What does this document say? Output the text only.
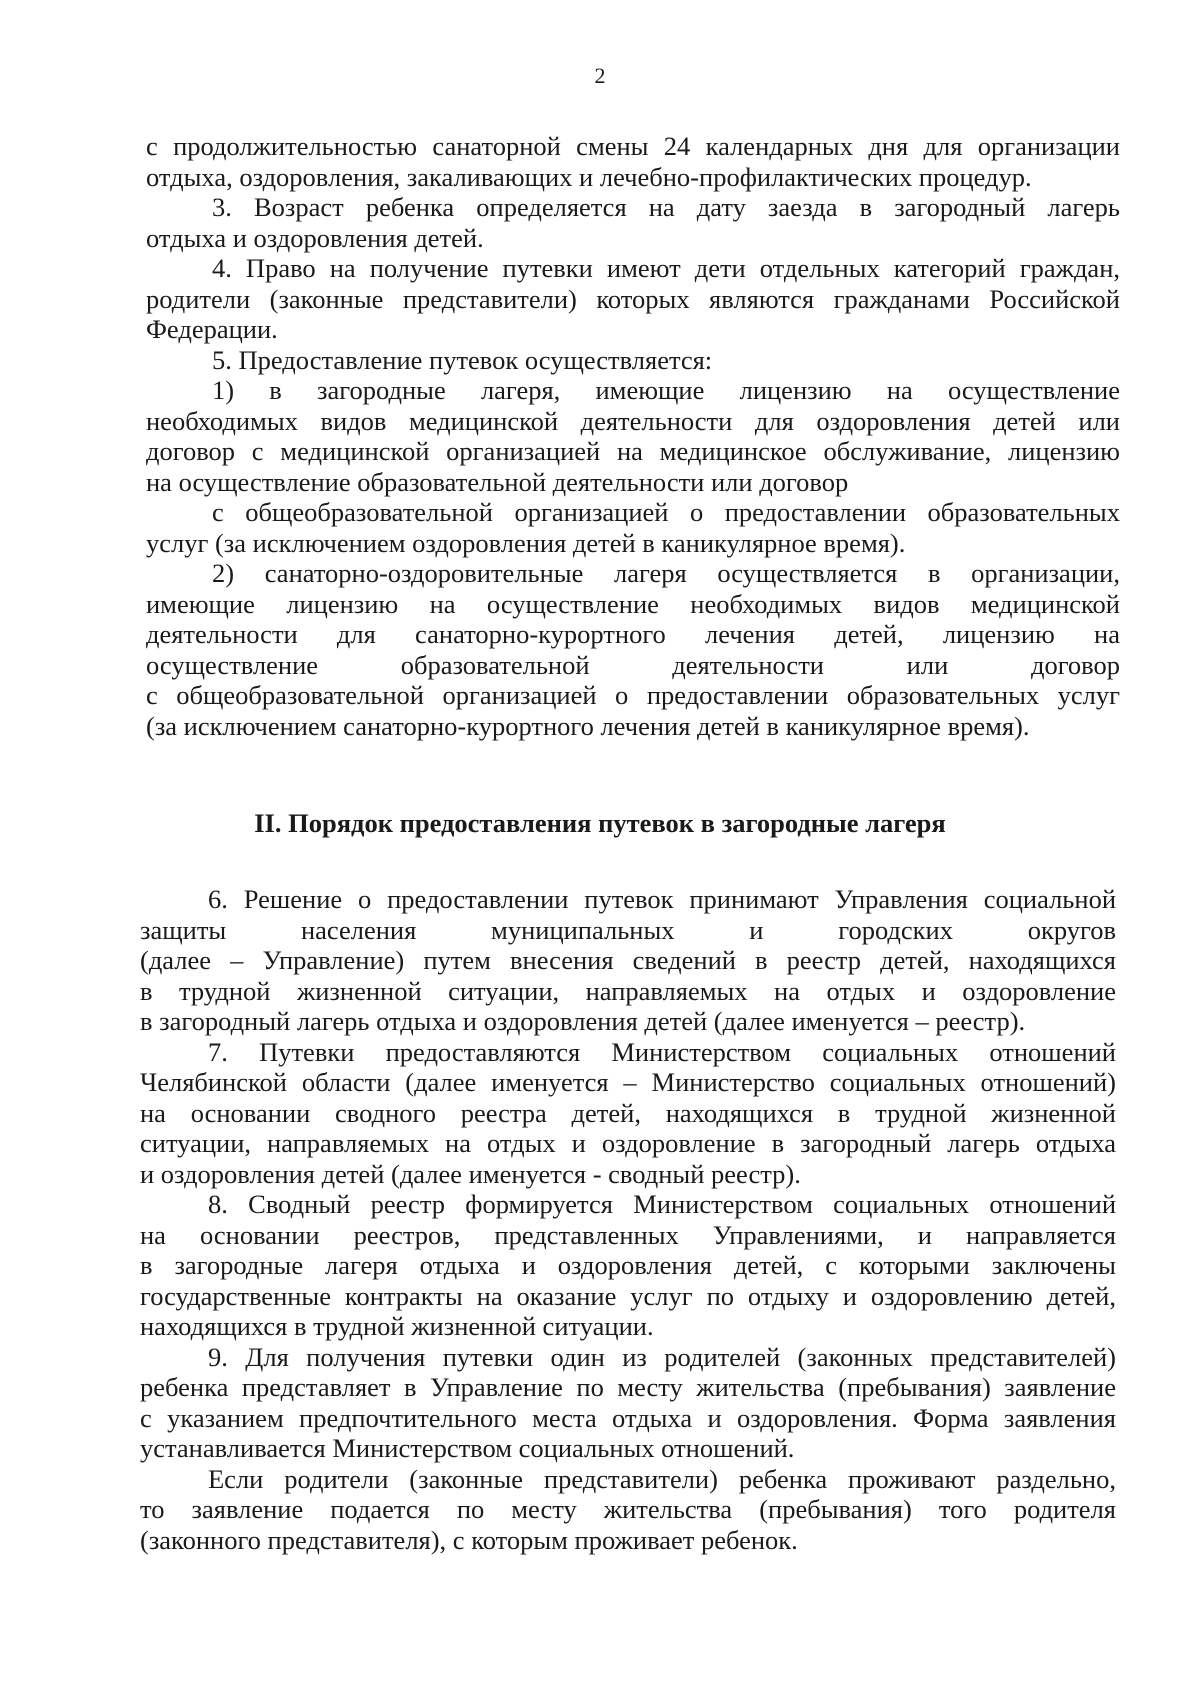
2
с продолжительностью санаторной смены 24 календарных дня для организации
отдыха, оздоровления, закаливающих и лечебно-профилактических процедур.
3. Возраст ребенка определяется на дату заезда в загородный лагерь
отдыха и оздоровления детей.
4. Право на получение путевки имеют дети отдельных категорий граждан,
родители (законные представители) которых являются гражданами Российской
Федерации.
5. Предоставление путевок осуществляется:
1) в загородные лагеря, имеющие лицензию на осуществление
необходимых видов медицинской деятельности для оздоровления детей или
договор с медицинской организацией на медицинское обслуживание, лицензию
на осуществление образовательной деятельности или договор
с общеобразовательной организацией о предоставлении образовательных
услуг (за исключением оздоровления детей в каникулярное время).
2) санаторно-оздоровительные лагеря осуществляется в организации,
имеющие лицензию на осуществление необходимых видов медицинской
деятельности для санаторно-курортного лечения детей, лицензию на
осуществление образовательной деятельности или договор
с общеобразовательной организацией о предоставлении образовательных услуг
(за исключением санаторно-курортного лечения детей в каникулярное время).
II. Порядок предоставления путевок в загородные лагеря
6. Решение о предоставлении путевок принимают Управления социальной
защиты населения муниципальных и городских округов
(далее – Управление) путем внесения сведений в реестр детей, находящихся
в трудной жизненной ситуации, направляемых на отдых и оздоровление
в загородный лагерь отдыха и оздоровления детей (далее именуется – реестр).
7. Путевки предоставляются Министерством социальных отношений
Челябинской области (далее именуется – Министерство социальных отношений)
на основании сводного реестра детей, находящихся в трудной жизненной
ситуации, направляемых на отдых и оздоровление в загородный лагерь отдыха
и оздоровления детей (далее именуется - сводный реестр).
8. Сводный реестр формируется Министерством социальных отношений
на основании реестров, представленных Управлениями, и направляется
в загородные лагеря отдыха и оздоровления детей, с которыми заключены
государственные контракты на оказание услуг по отдыху и оздоровлению детей,
находящихся в трудной жизненной ситуации.
9. Для получения путевки один из родителей (законных представителей)
ребенка представляет в Управление по месту жительства (пребывания) заявление
с указанием предпочтительного места отдыха и оздоровления. Форма заявления
устанавливается Министерством социальных отношений.
Если родители (законные представители) ребенка проживают раздельно,
то заявление подается по месту жительства (пребывания) того родителя
(законного представителя), с которым проживает ребенок.
